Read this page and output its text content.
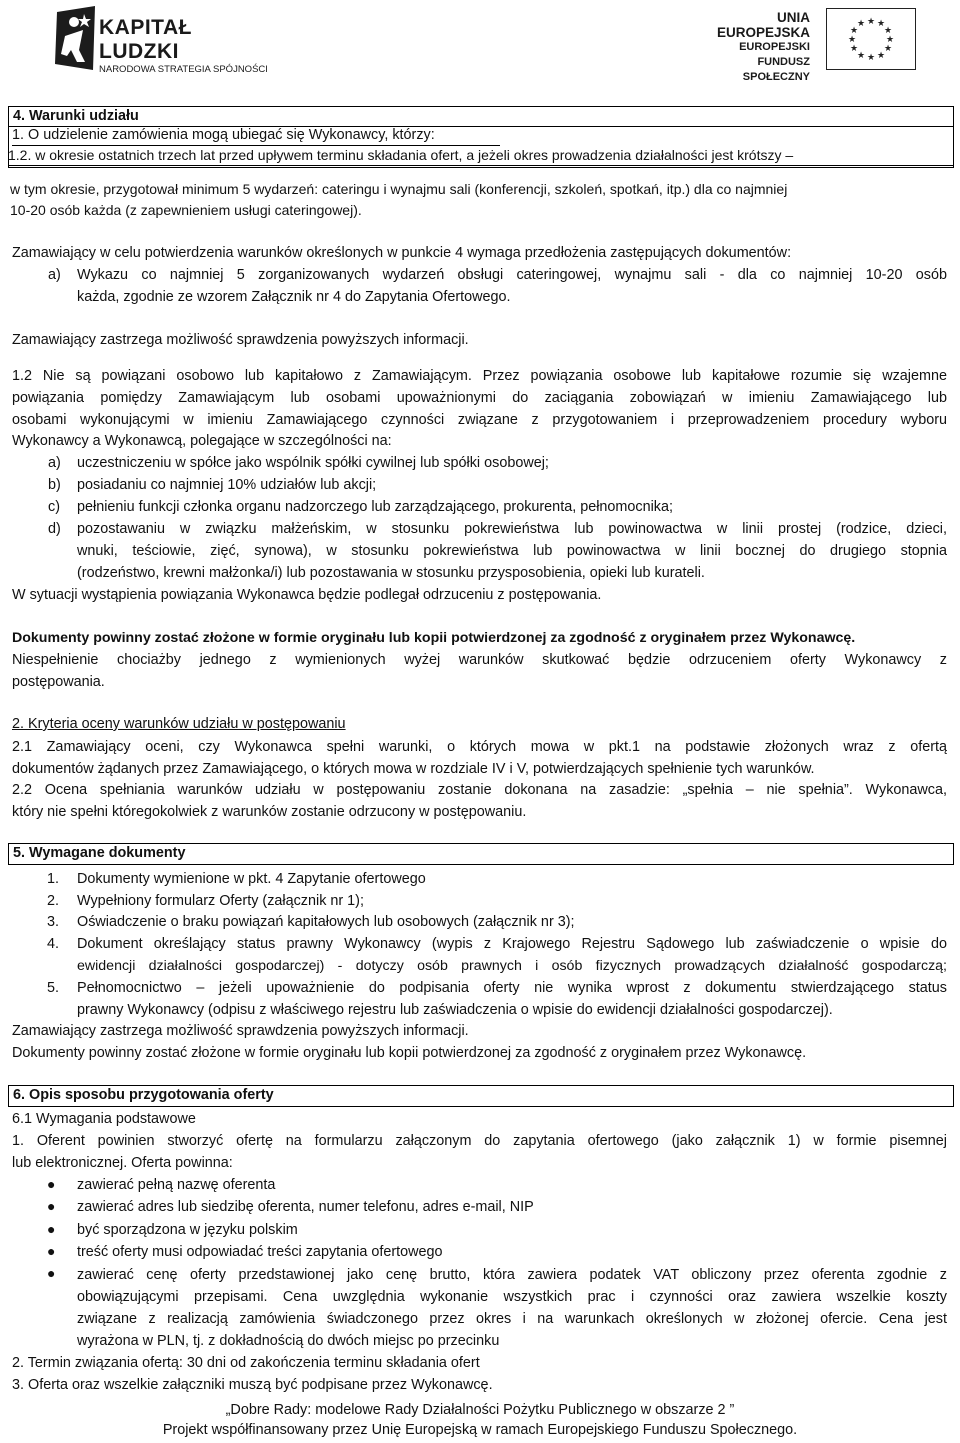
KAPITAŁ LUDZKI
NARODOWA STRATEGIA SPÓJNOŚCI
UNIA EUROPEJSKA
EUROPEJSKI
FUNDUSZ SPOŁECZNY
★ ★
★
★
★
★
★
★
★
★
★
★
4. Warunki udziału
5. Wymagane dokumenty
6. Opis sposobu przygotowania oferty
1. O udzielenie zamówienia mogą ubiegać się Wykonawcy, którzy:
1.2. w okresie ostatnich trzech lat przed upływem terminu składania ofert, a jeżeli okres prowadzenia działalności jest krótszy –
w tym okresie, przygotował minimum 5 wydarzeń: cateringu i wynajmu sali (konferencji, szkoleń, spotkań, itp.) dla co najmniej
10-20 osób każda (z zapewnieniem usługi cateringowej).
Zamawiający w celu potwierdzenia warunków określonych w punkcie 4 wymaga przedłożenia zastępujących dokumentów:
a) Wykazu co najmniej 5 zorganizowanych wydarzeń obsługi cateringowej, wynajmu sali - dla co najmniej 10-20 osób
każda, zgodnie ze wzorem Załącznik nr 4 do Zapytania Ofertowego.
Zamawiający zastrzega możliwość sprawdzenia powyższych informacji.
1.2 Nie są powiązani osobowo lub kapitałowo z Zamawiającym. Przez powiązania osobowe lub kapitałowe rozumie się wzajemne
powiązania pomiędzy Zamawiającym lub osobami upoważnionymi do zaciągania zobowiązań w imieniu Zamawiającego lub
osobami wykonującymi w imieniu Zamawiającego czynności związane z przygotowaniem i przeprowadzeniem procedury wyboru
Wykonawcy a Wykonawcą, polegające w szczególności na:
a) uczestniczeniu w spółce jako wspólnik spółki cywilnej lub spółki osobowej;
b) posiadaniu co najmniej 10% udziałów lub akcji;
c) pełnieniu funkcji członka organu nadzorczego lub zarządzającego, prokurenta, pełnomocnika;
d) pozostawaniu w związku małżeńskim, w stosunku pokrewieństwa lub powinowactwa w linii prostej (rodzice, dzieci,
wnuki, teściowie, zięć, synowa), w stosunku pokrewieństwa lub powinowactwa w linii bocznej do drugiego stopnia
(rodzeństwo, krewni małżonka/i) lub pozostawania w stosunku przysposobienia, opieki lub kurateli.
W sytuacji wystąpienia powiązania Wykonawca będzie podlegał odrzuceniu z postępowania.
Dokumenty powinny zostać złożone w formie oryginału lub kopii potwierdzonej za zgodność z oryginałem przez Wykonawcę.
Niespełnienie chociażby jednego z wymienionych wyżej warunków skutkować będzie odrzuceniem oferty Wykonawcy z
postępowania.
2. Kryteria oceny warunków udziału w postępowaniu
2.1 Zamawiający oceni, czy Wykonawca spełni warunki, o których mowa w pkt.1 na podstawie złożonych wraz z ofertą
dokumentów żądanych przez Zamawiającego, o których mowa w rozdziale IV i V, potwierdzających spełnienie tych warunków.
2.2 Ocena spełniania warunków udziału w postępowaniu zostanie dokonana na zasadzie: „spełnia – nie spełnia”. Wykonawca,
który nie spełni któregokolwiek z warunków zostanie odrzucony w postępowaniu.
1. Dokumenty wymienione w pkt. 4 Zapytanie ofertowego
2. Wypełniony formularz Oferty (załącznik nr 1);
3. Oświadczenie o braku powiązań kapitałowych lub osobowych (załącznik nr 3);
4. Dokument określający status prawny Wykonawcy (wypis z Krajowego Rejestru Sądowego lub zaświadczenie o wpisie do
ewidencji działalności gospodarczej) - dotyczy osób prawnych i osób fizycznych prowadzących działalność gospodarczą;
5. Pełnomocnictwo – jeżeli upoważnienie do podpisania oferty nie wynika wprost z dokumentu stwierdzającego status
prawny Wykonawcy (odpisu z właściwego rejestru lub zaświadczenia o wpisie do ewidencji działalności gospodarczej).
Zamawiający zastrzega możliwość sprawdzenia powyższych informacji.
Dokumenty powinny zostać złożone w formie oryginału lub kopii potwierdzonej za zgodność z oryginałem przez Wykonawcę.
6.1 Wymagania podstawowe
1. Oferent powinien stworzyć ofertę na formularzu załączonym do zapytania ofertowego (jako załącznik 1) w formie pisemnej
lub elektronicznej. Oferta powinna:
● zawierać pełną nazwę oferenta
● zawierać adres lub siedzibę oferenta, numer telefonu, adres e-mail, NIP
● być sporządzona w języku polskim
● treść oferty musi odpowiadać treści zapytania ofertowego
● zawierać cenę oferty przedstawionej jako cenę brutto, która zawiera podatek VAT obliczony przez oferenta zgodnie z
obowiązującymi przepisami. Cena uwzględnia wykonanie wszystkich prac i czynności oraz zawiera wszelkie koszty
związane z realizacją zamówienia świadczonego przez okres i na warunkach określonych w złożonej ofercie. Cena jest
wyrażona w PLN, tj. z dokładnością do dwóch miejsc po przecinku
2. Termin związania ofertą: 30 dni od zakończenia terminu składania ofert
3. Oferta oraz wszelkie załączniki muszą być podpisane przez Wykonawcę.
„Dobre Rady: modelowe Rady Działalności Pożytku Publicznego w obszarze 2 ”
Projekt współfinansowany przez Unię Europejską w ramach Europejskiego Funduszu Społecznego.
